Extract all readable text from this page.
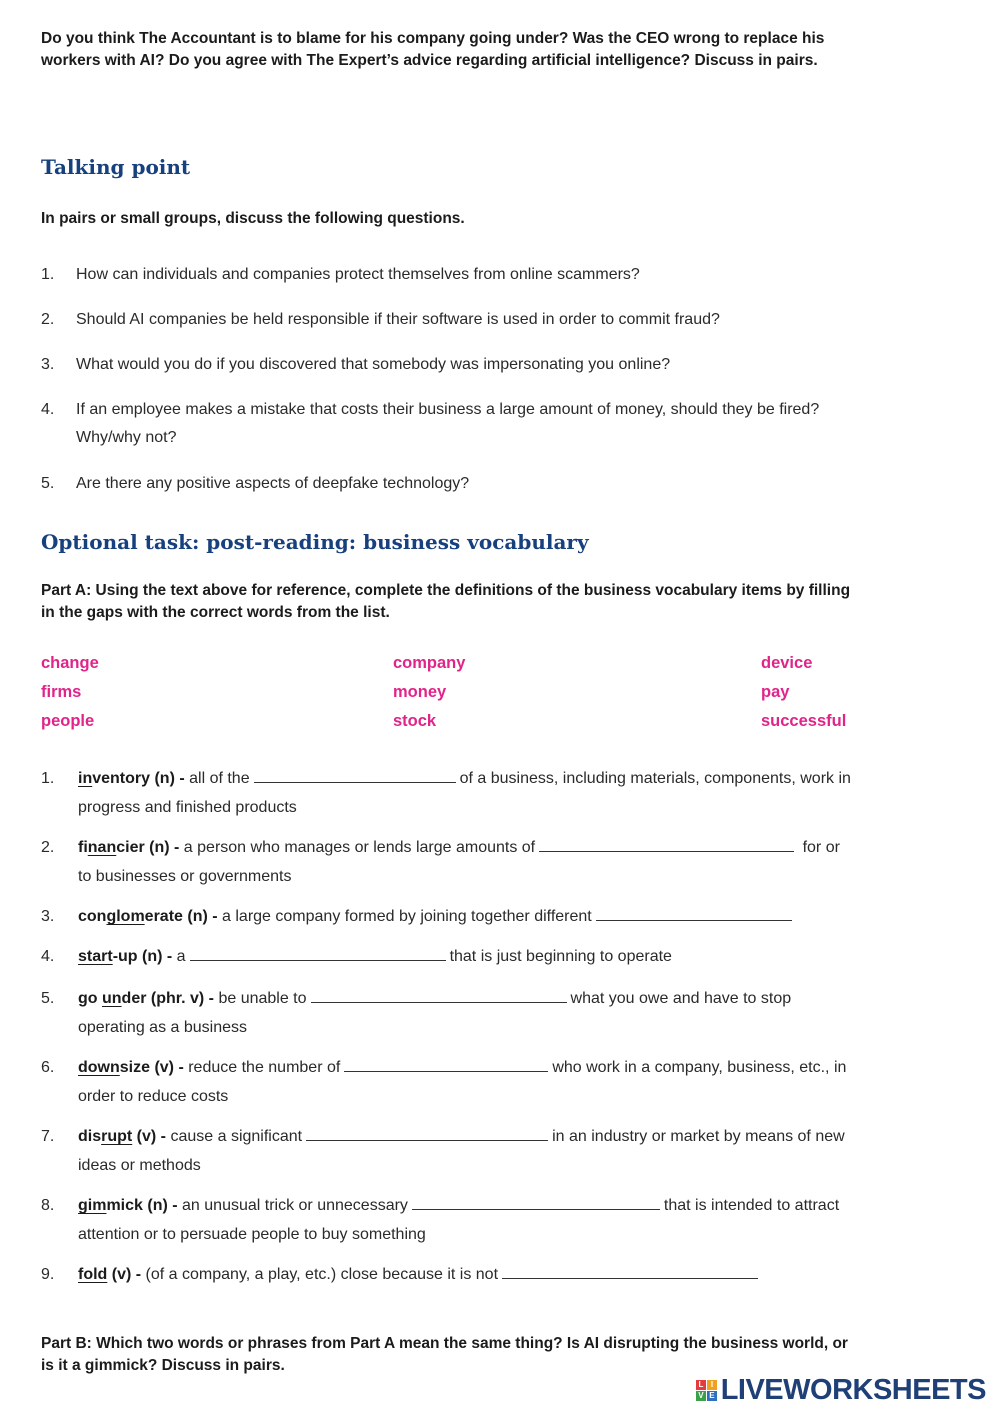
Do you think The Accountant is to blame for his company going under? Was the CEO wrong to replace his workers with AI? Do you agree with The Expert’s advice regarding artificial intelligence? Discuss in pairs.
Talking point
In pairs or small groups, discuss the following questions.
1. How can individuals and companies protect themselves from online scammers?
2. Should AI companies be held responsible if their software is used in order to commit fraud?
3. What would you do if you discovered that somebody was impersonating you online?
4. If an employee makes a mistake that costs their business a large amount of money, should they be fired? Why/why not?
5. Are there any positive aspects of deepfake technology?
Optional task: post-reading: business vocabulary
Part A: Using the text above for reference, complete the definitions of the business vocabulary items by filling in the gaps with the correct words from the list.
change	company	device
firms	money	pay
people	stock	successful
1. inventory (n) - all of the	of a business, including materials, components, work in progress and finished products
2. financier (n) - a person who manages or lends large amounts of	for or to businesses or governments
3. conglomerate (n) - a large company formed by joining together different
4. start-up (n) - a	that is just beginning to operate
5. go under (phr. v) - be unable to	what you owe and have to stop operating as a business
6. downsize (v) - reduce the number of	who work in a company, business, etc., in order to reduce costs
7. disrupt (v) - cause a significant	in an industry or market by means of new ideas or methods
8. gimmick (n) - an unusual trick or unnecessary	that is intended to attract attention or to persuade people to buy something
9. fold (v) - (of a company, a play, etc.) close because it is not
Part B: Which two words or phrases from Part A mean the same thing? Is AI disrupting the business world, or is it a gimmick? Discuss in pairs.
L I
V E LIVEWORKSHEETS
